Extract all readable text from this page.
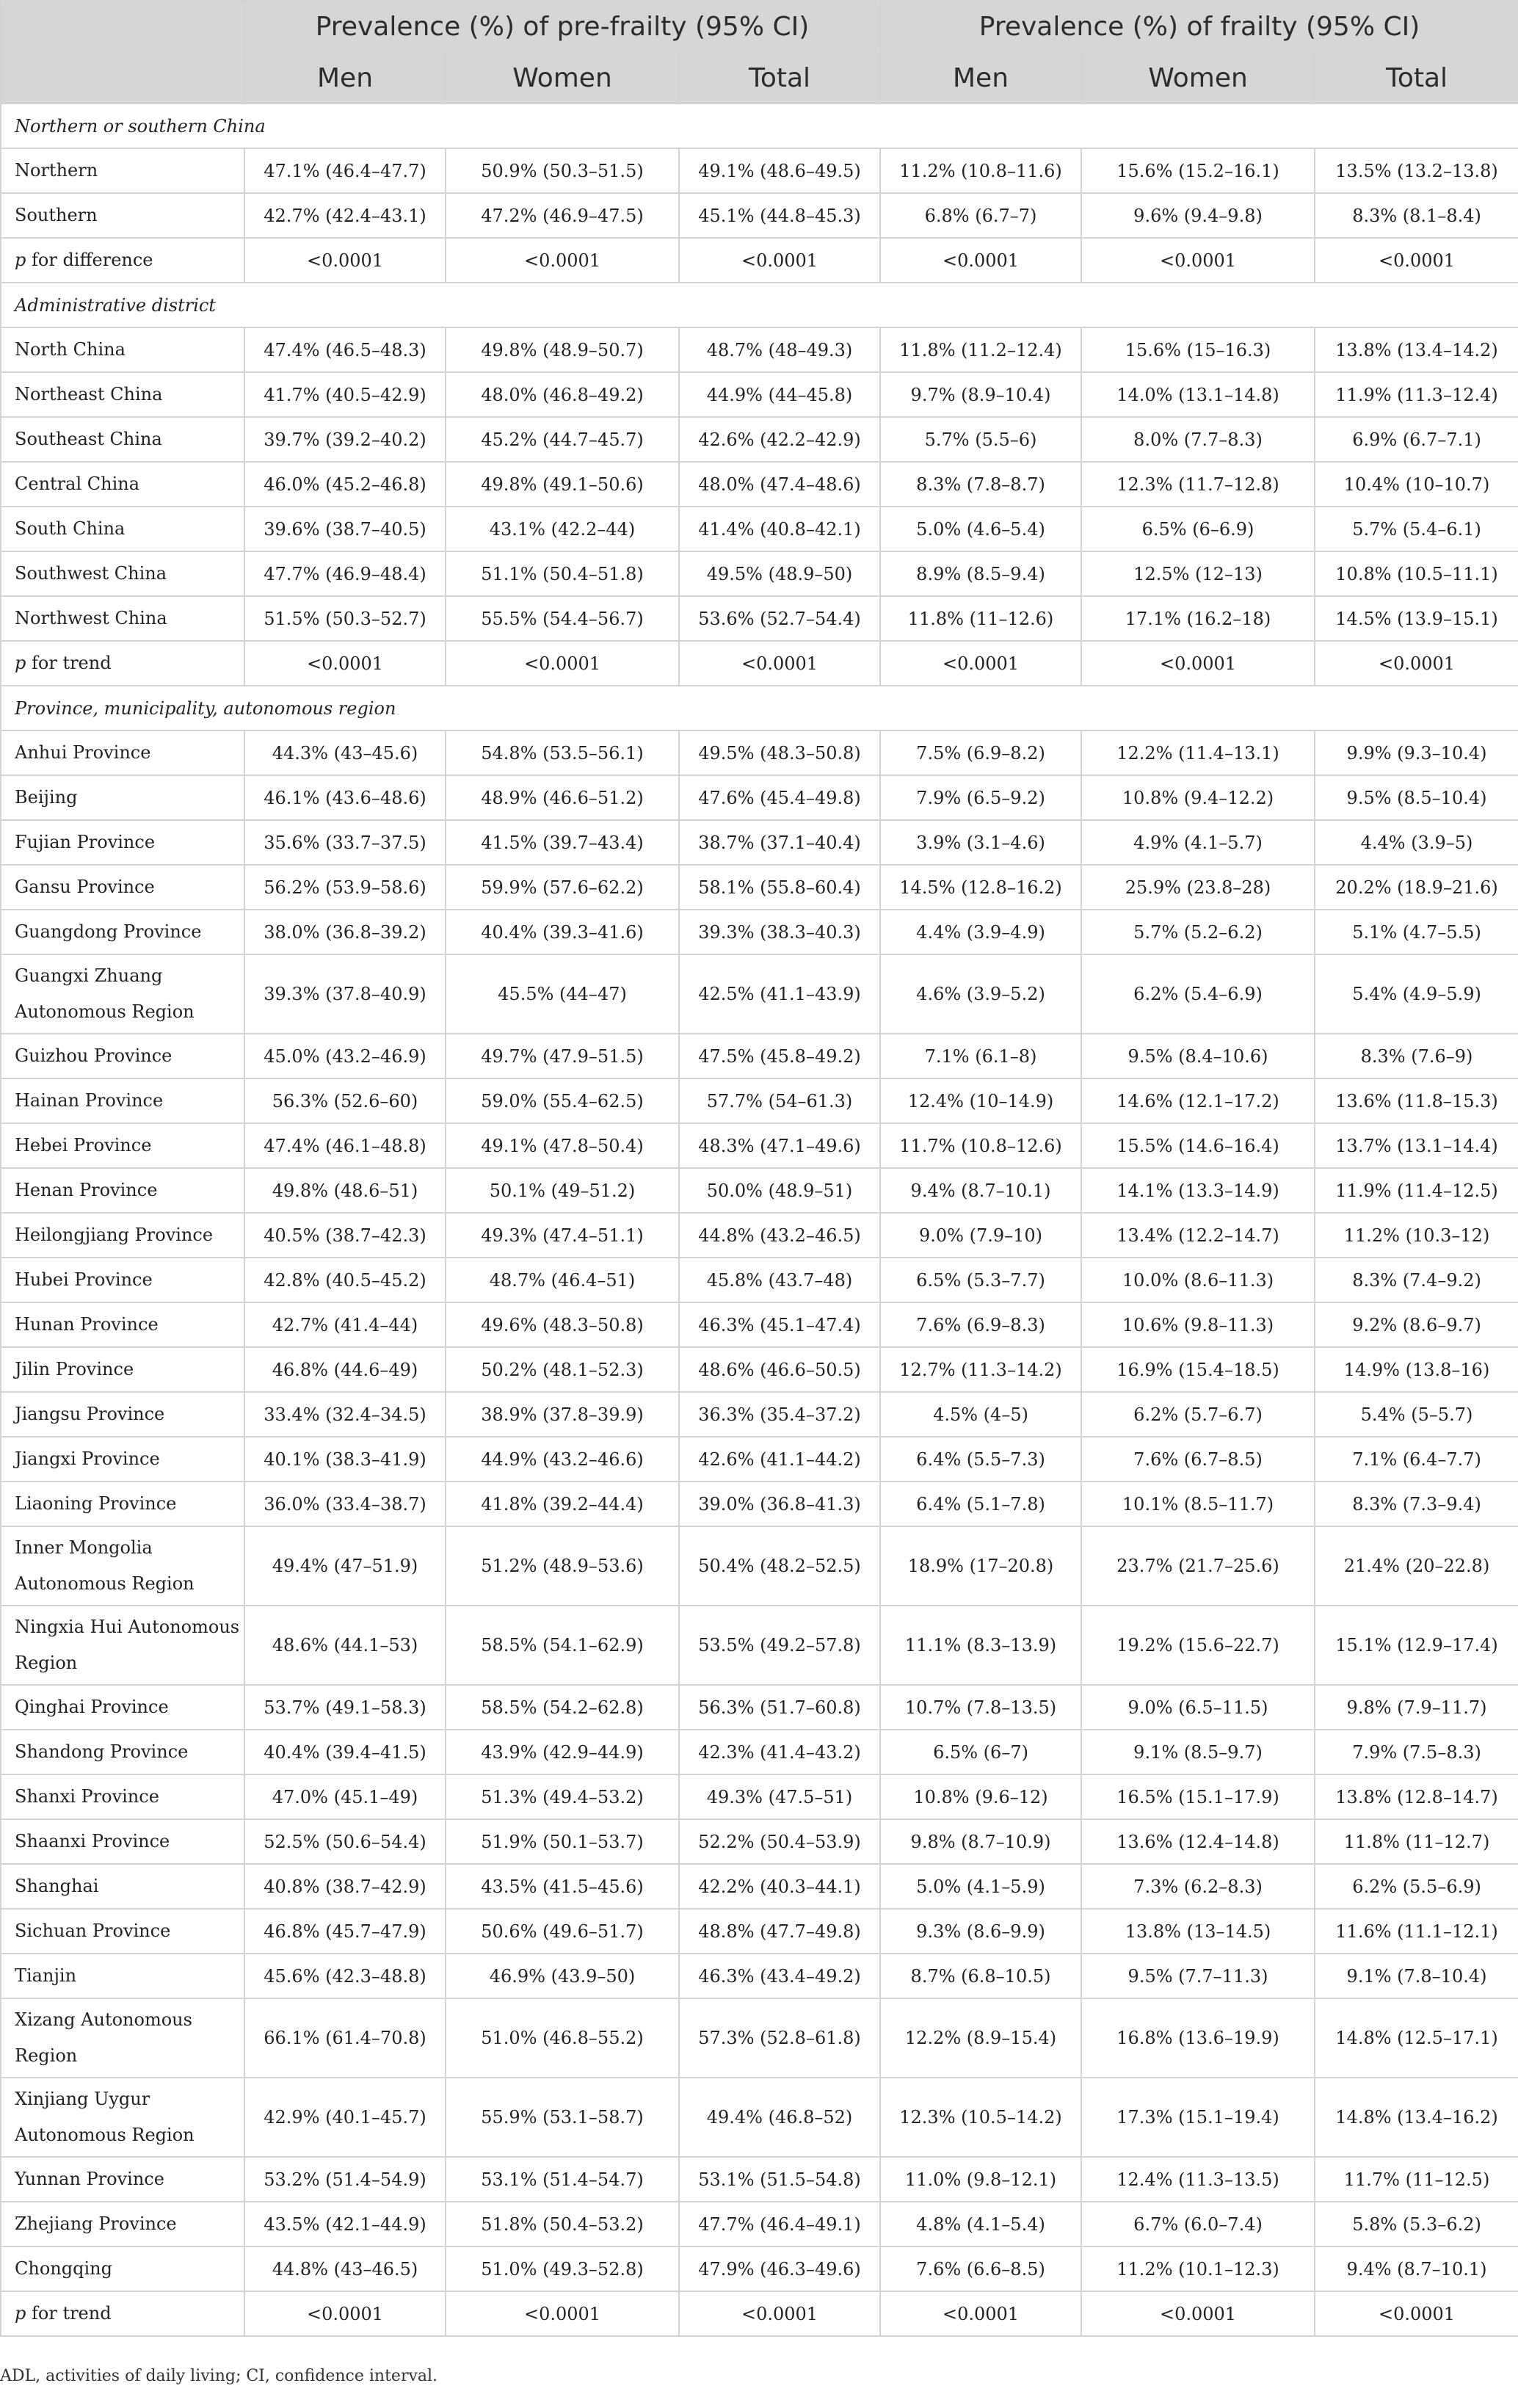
	Prevalence (%) of pre-frailty (95% CI)			Prevalence (%) of frailty (95% CI)		
	Men	Women	Total	Men	Women	Total
Northern or southern China						
Northern	47.1% (46.4–47.7)	50.9% (50.3–51.5)	49.1% (48.6–49.5)	11.2% (10.8–11.6)	15.6% (15.2–16.1)	13.5% (13.2–13.8)
Southern	42.7% (42.4–43.1)	47.2% (46.9–47.5)	45.1% (44.8–45.3)	6.8% (6.7–7)	9.6% (9.4–9.8)	8.3% (8.1–8.4)
p for difference	<0.0001	<0.0001	<0.0001	<0.0001	<0.0001	<0.0001
Administrative district						
North China	47.4% (46.5–48.3)	49.8% (48.9–50.7)	48.7% (48–49.3)	11.8% (11.2–12.4)	15.6% (15–16.3)	13.8% (13.4–14.2)
Northeast China	41.7% (40.5–42.9)	48.0% (46.8–49.2)	44.9% (44–45.8)	9.7% (8.9–10.4)	14.0% (13.1–14.8)	11.9% (11.3–12.4)
Southeast China	39.7% (39.2–40.2)	45.2% (44.7–45.7)	42.6% (42.2–42.9)	5.7% (5.5–6)	8.0% (7.7–8.3)	6.9% (6.7–7.1)
Central China	46.0% (45.2–46.8)	49.8% (49.1–50.6)	48.0% (47.4–48.6)	8.3% (7.8–8.7)	12.3% (11.7–12.8)	10.4% (10–10.7)
South China	39.6% (38.7–40.5)	43.1% (42.2–44)	41.4% (40.8–42.1)	5.0% (4.6–5.4)	6.5% (6–6.9)	5.7% (5.4–6.1)
Southwest China	47.7% (46.9–48.4)	51.1% (50.4–51.8)	49.5% (48.9–50)	8.9% (8.5–9.4)	12.5% (12–13)	10.8% (10.5–11.1)
Northwest China	51.5% (50.3–52.7)	55.5% (54.4–56.7)	53.6% (52.7–54.4)	11.8% (11–12.6)	17.1% (16.2–18)	14.5% (13.9–15.1)
p for trend	<0.0001	<0.0001	<0.0001	<0.0001	<0.0001	<0.0001
Province, municipality, autonomous region						
Anhui Province	44.3% (43–45.6)	54.8% (53.5–56.1)	49.5% (48.3–50.8)	7.5% (6.9–8.2)	12.2% (11.4–13.1)	9.9% (9.3–10.4)
Beijing	46.1% (43.6–48.6)	48.9% (46.6–51.2)	47.6% (45.4–49.8)	7.9% (6.5–9.2)	10.8% (9.4–12.2)	9.5% (8.5–10.4)
Fujian Province	35.6% (33.7–37.5)	41.5% (39.7–43.4)	38.7% (37.1–40.4)	3.9% (3.1–4.6)	4.9% (4.1–5.7)	4.4% (3.9–5)
Gansu Province	56.2% (53.9–58.6)	59.9% (57.6–62.2)	58.1% (55.8–60.4)	14.5% (12.8–16.2)	25.9% (23.8–28)	20.2% (18.9–21.6)
Guangdong Province	38.0% (36.8–39.2)	40.4% (39.3–41.6)	39.3% (38.3–40.3)	4.4% (3.9–4.9)	5.7% (5.2–6.2)	5.1% (4.7–5.5)
Guangxi Zhuang Autonomous Region	39.3% (37.8–40.9)	45.5% (44–47)	42.5% (41.1–43.9)	4.6% (3.9–5.2)	6.2% (5.4–6.9)	5.4% (4.9–5.9)
Guizhou Province	45.0% (43.2–46.9)	49.7% (47.9–51.5)	47.5% (45.8–49.2)	7.1% (6.1–8)	9.5% (8.4–10.6)	8.3% (7.6–9)
Hainan Province	56.3% (52.6–60)	59.0% (55.4–62.5)	57.7% (54–61.3)	12.4% (10–14.9)	14.6% (12.1–17.2)	13.6% (11.8–15.3)
Hebei Province	47.4% (46.1–48.8)	49.1% (47.8–50.4)	48.3% (47.1–49.6)	11.7% (10.8–12.6)	15.5% (14.6–16.4)	13.7% (13.1–14.4)
Henan Province	49.8% (48.6–51)	50.1% (49–51.2)	50.0% (48.9–51)	9.4% (8.7–10.1)	14.1% (13.3–14.9)	11.9% (11.4–12.5)
Heilongjiang Province	40.5% (38.7–42.3)	49.3% (47.4–51.1)	44.8% (43.2–46.5)	9.0% (7.9–10)	13.4% (12.2–14.7)	11.2% (10.3–12)
Hubei Province	42.8% (40.5–45.2)	48.7% (46.4–51)	45.8% (43.7–48)	6.5% (5.3–7.7)	10.0% (8.6–11.3)	8.3% (7.4–9.2)
Hunan Province	42.7% (41.4–44)	49.6% (48.3–50.8)	46.3% (45.1–47.4)	7.6% (6.9–8.3)	10.6% (9.8–11.3)	9.2% (8.6–9.7)
Jilin Province	46.8% (44.6–49)	50.2% (48.1–52.3)	48.6% (46.6–50.5)	12.7% (11.3–14.2)	16.9% (15.4–18.5)	14.9% (13.8–16)
Jiangsu Province	33.4% (32.4–34.5)	38.9% (37.8–39.9)	36.3% (35.4–37.2)	4.5% (4–5)	6.2% (5.7–6.7)	5.4% (5–5.7)
Jiangxi Province	40.1% (38.3–41.9)	44.9% (43.2–46.6)	42.6% (41.1–44.2)	6.4% (5.5–7.3)	7.6% (6.7–8.5)	7.1% (6.4–7.7)
Liaoning Province	36.0% (33.4–38.7)	41.8% (39.2–44.4)	39.0% (36.8–41.3)	6.4% (5.1–7.8)	10.1% (8.5–11.7)	8.3% (7.3–9.4)
Inner Mongolia Autonomous Region	49.4% (47–51.9)	51.2% (48.9–53.6)	50.4% (48.2–52.5)	18.9% (17–20.8)	23.7% (21.7–25.6)	21.4% (20–22.8)
Ningxia Hui Autonomous Region	48.6% (44.1–53)	58.5% (54.1–62.9)	53.5% (49.2–57.8)	11.1% (8.3–13.9)	19.2% (15.6–22.7)	15.1% (12.9–17.4)
Qinghai Province	53.7% (49.1–58.3)	58.5% (54.2–62.8)	56.3% (51.7–60.8)	10.7% (7.8–13.5)	9.0% (6.5–11.5)	9.8% (7.9–11.7)
Shandong Province	40.4% (39.4–41.5)	43.9% (42.9–44.9)	42.3% (41.4–43.2)	6.5% (6–7)	9.1% (8.5–9.7)	7.9% (7.5–8.3)
Shanxi Province	47.0% (45.1–49)	51.3% (49.4–53.2)	49.3% (47.5–51)	10.8% (9.6–12)	16.5% (15.1–17.9)	13.8% (12.8–14.7)
Shaanxi Province	52.5% (50.6–54.4)	51.9% (50.1–53.7)	52.2% (50.4–53.9)	9.8% (8.7–10.9)	13.6% (12.4–14.8)	11.8% (11–12.7)
Shanghai	40.8% (38.7–42.9)	43.5% (41.5–45.6)	42.2% (40.3–44.1)	5.0% (4.1–5.9)	7.3% (6.2–8.3)	6.2% (5.5–6.9)
Sichuan Province	46.8% (45.7–47.9)	50.6% (49.6–51.7)	48.8% (47.7–49.8)	9.3% (8.6–9.9)	13.8% (13–14.5)	11.6% (11.1–12.1)
Tianjin	45.6% (42.3–48.8)	46.9% (43.9–50)	46.3% (43.4–49.2)	8.7% (6.8–10.5)	9.5% (7.7–11.3)	9.1% (7.8–10.4)
Xizang Autonomous Region	66.1% (61.4–70.8)	51.0% (46.8–55.2)	57.3% (52.8–61.8)	12.2% (8.9–15.4)	16.8% (13.6–19.9)	14.8% (12.5–17.1)
Xinjiang Uygur Autonomous Region	42.9% (40.1–45.7)	55.9% (53.1–58.7)	49.4% (46.8–52)	12.3% (10.5–14.2)	17.3% (15.1–19.4)	14.8% (13.4–16.2)
Yunnan Province	53.2% (51.4–54.9)	53.1% (51.4–54.7)	53.1% (51.5–54.8)	11.0% (9.8–12.1)	12.4% (11.3–13.5)	11.7% (11–12.5)
Zhejiang Province	43.5% (42.1–44.9)	51.8% (50.4–53.2)	47.7% (46.4–49.1)	4.8% (4.1–5.4)	6.7% (6.0–7.4)	5.8% (5.3–6.2)
Chongqing	44.8% (43–46.5)	51.0% (49.3–52.8)	47.9% (46.3–49.6)	7.6% (6.6–8.5)	11.2% (10.1–12.3)	9.4% (8.7–10.1)
p for trend	<0.0001	<0.0001	<0.0001	<0.0001	<0.0001	<0.0001
ADL, activities of daily living; CI, confidence interval.
